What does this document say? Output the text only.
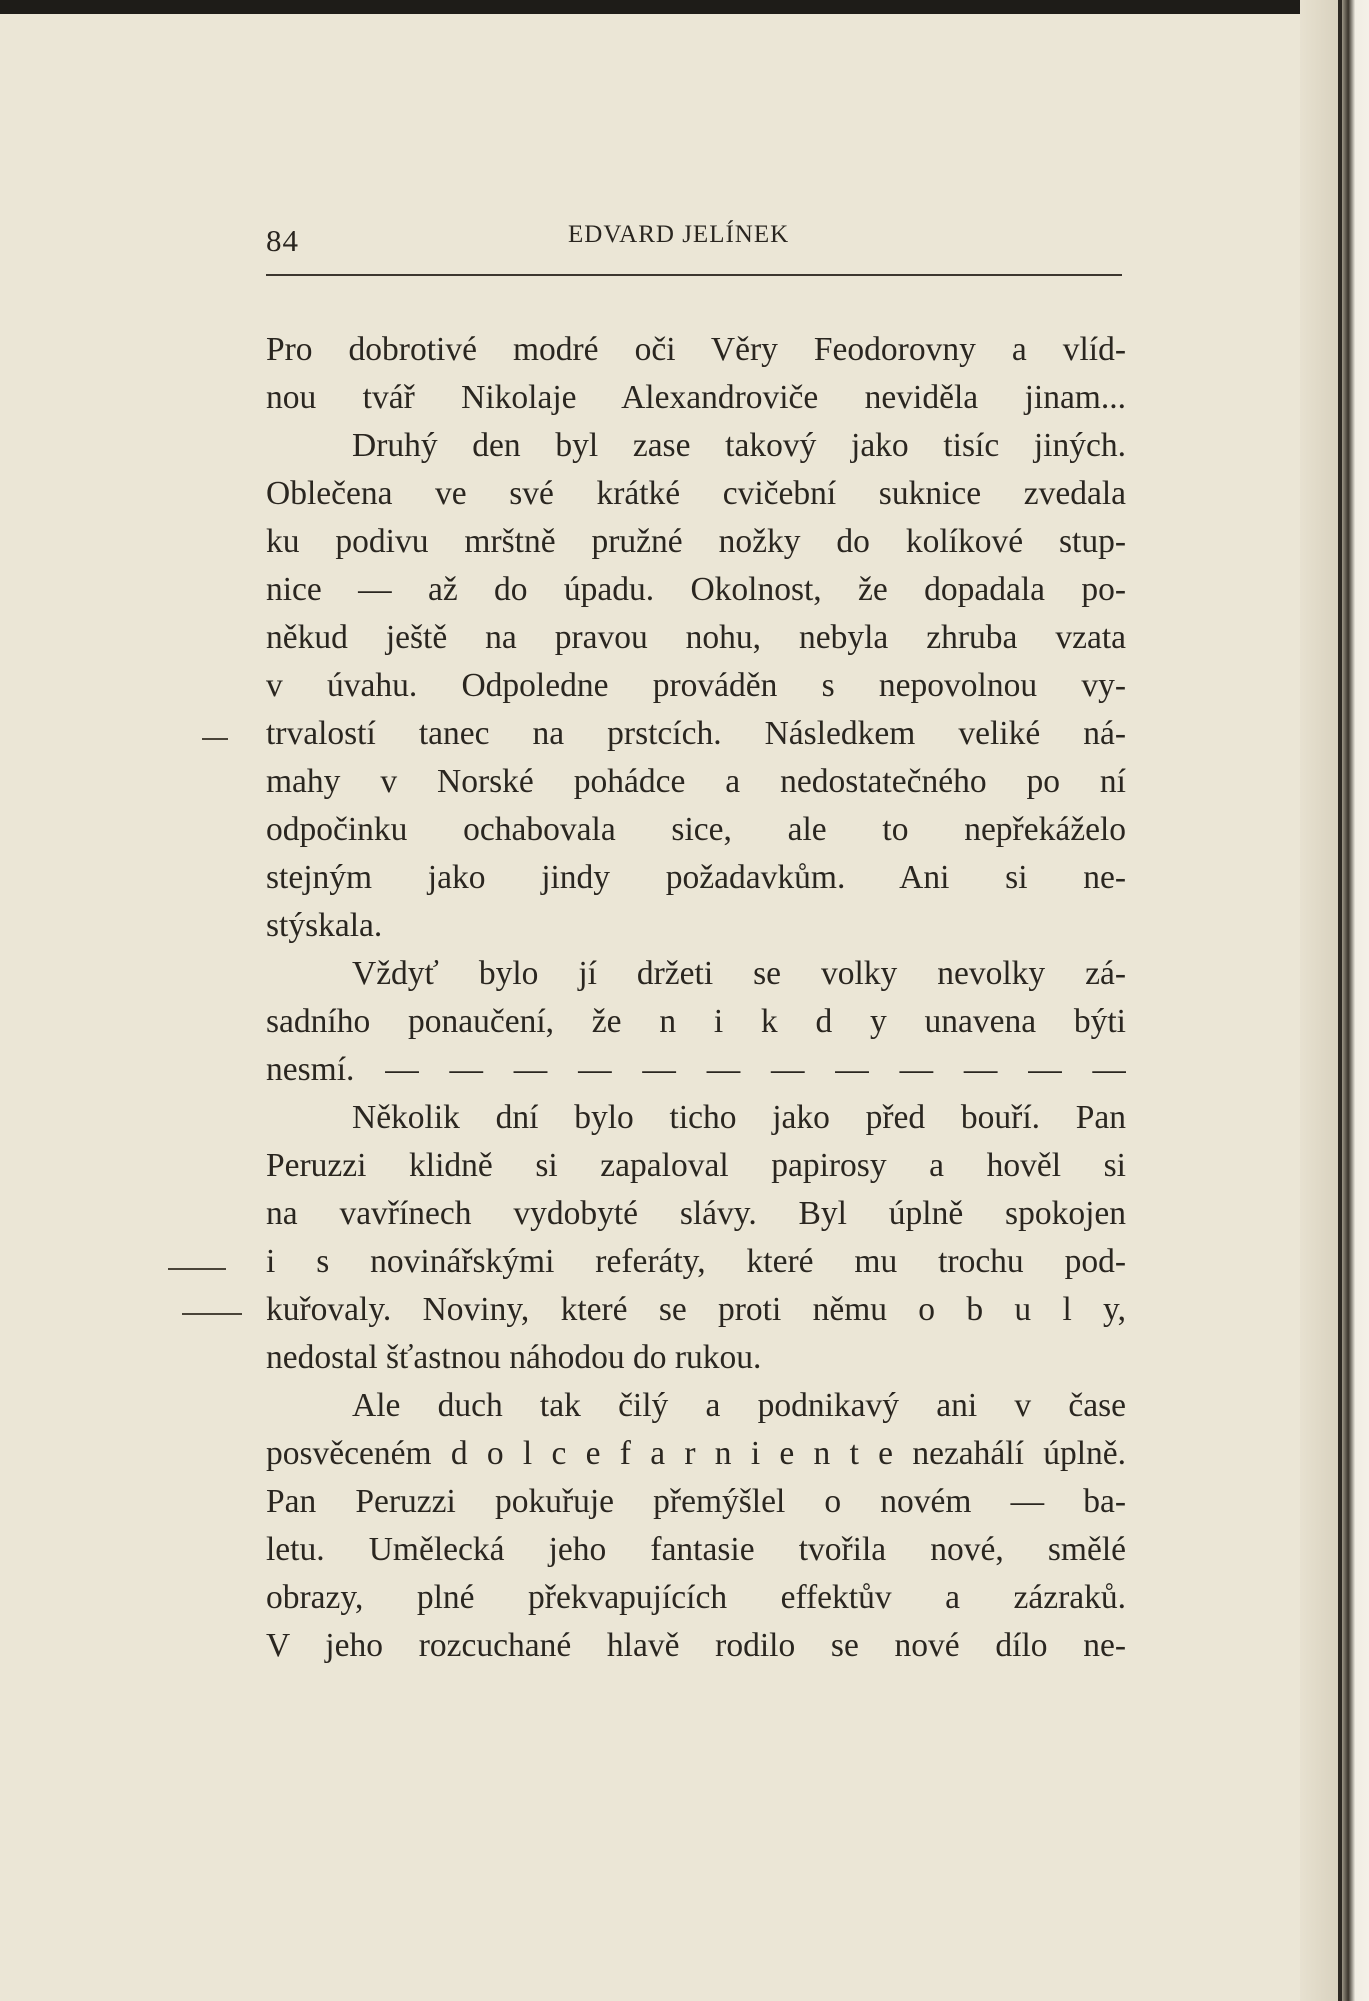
84	EDVARD JELÍNEK
Pro dobrotivé modré oči Věry Feodorovny a vlíd-
nou tvář Nikolaje Alexandroviče neviděla jinam...
Druhý den byl zase takový jako tisíc jiných.
Oblečena ve své krátké cvičební suknice zvedala
ku podivu mrštně pružné nožky do kolíkové stup-
nice — až do úpadu. Okolnost, že dopadala po-
někud ještě na pravou nohu, nebyla zhruba vzata
v úvahu. Odpoledne prováděn s nepovolnou vy-
trvalostí tanec na prstcích. Následkem veliké ná-
mahy v Norské pohádce a nedostatečného po ní
odpočinku ochabovala sice, ale to nepřekáželo
stejným jako jindy požadavkům. Ani si ne-
stýskala.
Vždyť bylo jí držeti se volky nevolky zá-
sadního ponaučení, že n i k d y unavena býti
nesmí. — — — — — — — — — — — —
Několik dní bylo ticho jako před bouří. Pan
Peruzzi klidně si zapaloval papirosy a hověl si
na vavřínech vydobyté slávy. Byl úplně spokojen
i s novinářskými referáty, které mu trochu pod-
kuřovaly. Noviny, které se proti němu o b u l y,
nedostal šťastnou náhodou do rukou.
Ale duch tak čilý a podnikavý ani v čase
posvěceném d o l c e f a r n i e n t e nezahálí úplně.
Pan Peruzzi pokuřuje přemýšlel o novém — ba-
letu. Umělecká jeho fantasie tvořila nové, smělé
obrazy, plné překvapujících effektův a zázraků.
V jeho rozcuchané hlavě rodilo se nové dílo ne-
